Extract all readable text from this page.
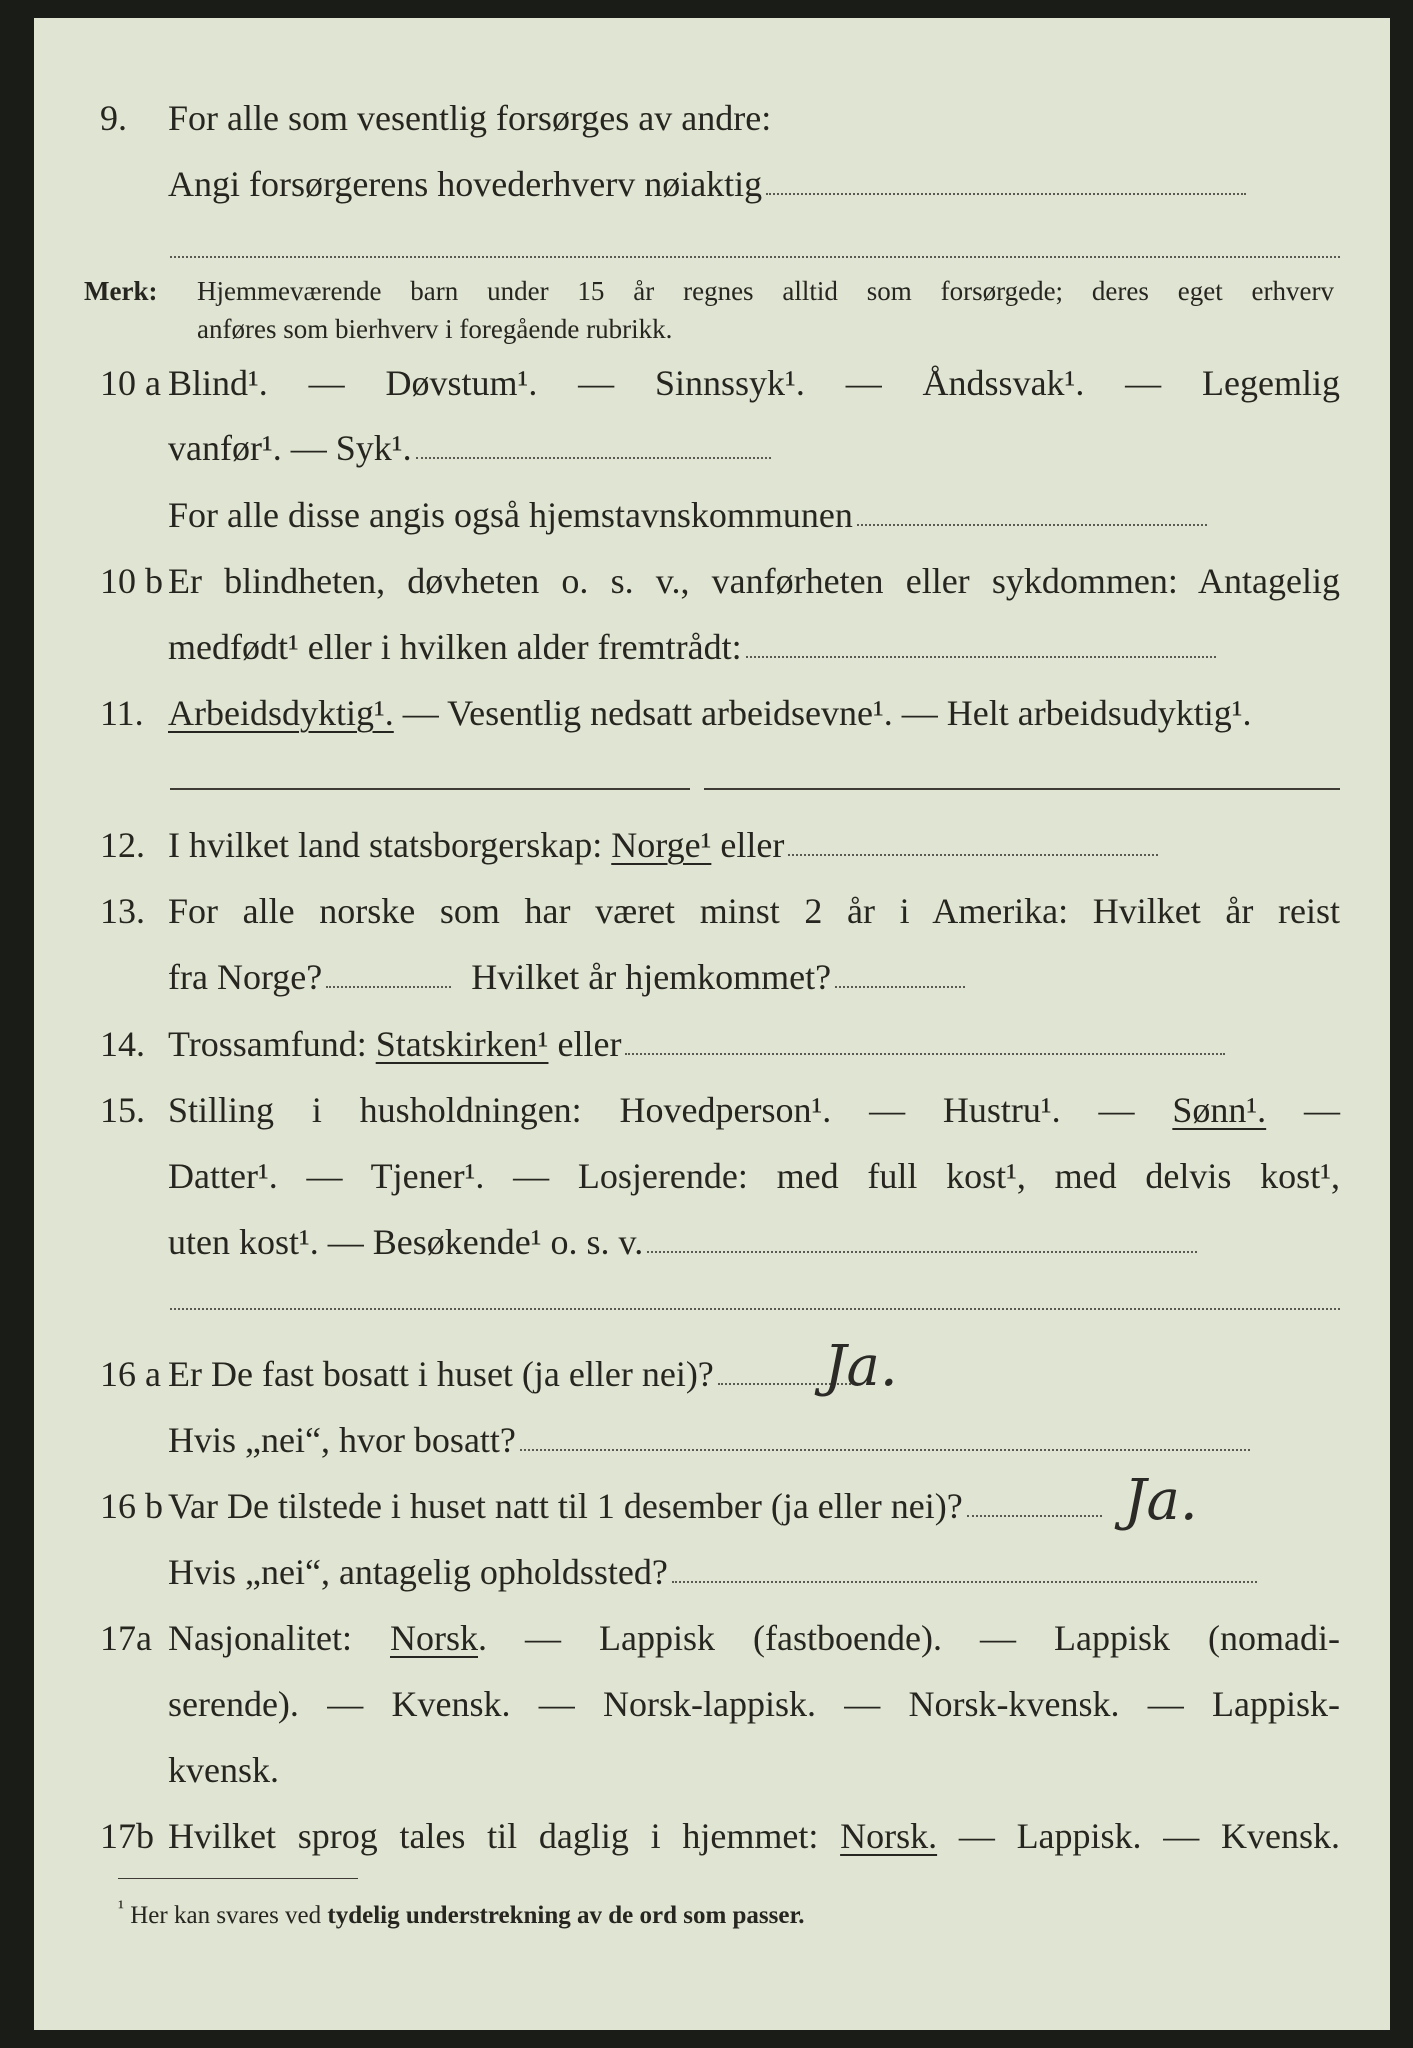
9. For alle som vesentlig forsørges av andre:
Angi forsørgerens hovederhverv nøiaktig
Merk: Hjemmeværende barn under 15 år regnes alltid som forsørgede; deres eget erhverv
anføres som bierhverv i foregående rubrikk.
10 a Blind¹. — Døvstum¹. — Sinnssyk¹. — Åndssvak¹. — Legemlig
vanfør¹. — Syk¹.
For alle disse angis også hjemstavnskommunen
10 b Er blindheten, døvheten o. s. v., vanførheten eller sykdommen: Antagelig
medfødt¹ eller i hvilken alder fremtrådt:
11. Arbeidsdyktig¹. — Vesentlig nedsatt arbeidsevne¹. — Helt arbeidsudyktig¹.
12. I hvilket land statsborgerskap: Norge¹ eller
13. For alle norske som har været minst 2 år i Amerika: Hvilket år reist
fra Norge?	Hvilket år hjemkommet?
14. Trossamfund: Statskirken¹ eller
15. Stilling i husholdningen: Hovedperson¹. — Hustru¹. — Sønn¹. —
Datter¹. — Tjener¹. — Losjerende: med full kost¹, med delvis kost¹,
uten kost¹. — Besøkende¹ o. s. v.
16 a Er De fast bosatt i huset (ja eller nei)?	Ja.
Hvis „nei“, hvor bosatt?
16 b Var De tilstede i huset natt til 1 desember (ja eller nei)?	Ja.
Hvis „nei“, antagelig opholdssted?
17a Nasjonalitet: Norsk. — Lappisk (fastboende). — Lappisk (nomadi-
serende). — Kvensk. — Norsk-lappisk. — Norsk-kvensk. — Lappisk-
kvensk.
17b Hvilket sprog tales til daglig i hjemmet: Norsk. — Lappisk. — Kvensk.
$^{^1}$ Her kan svares ved tydelig understrekning av de ord som passer.
